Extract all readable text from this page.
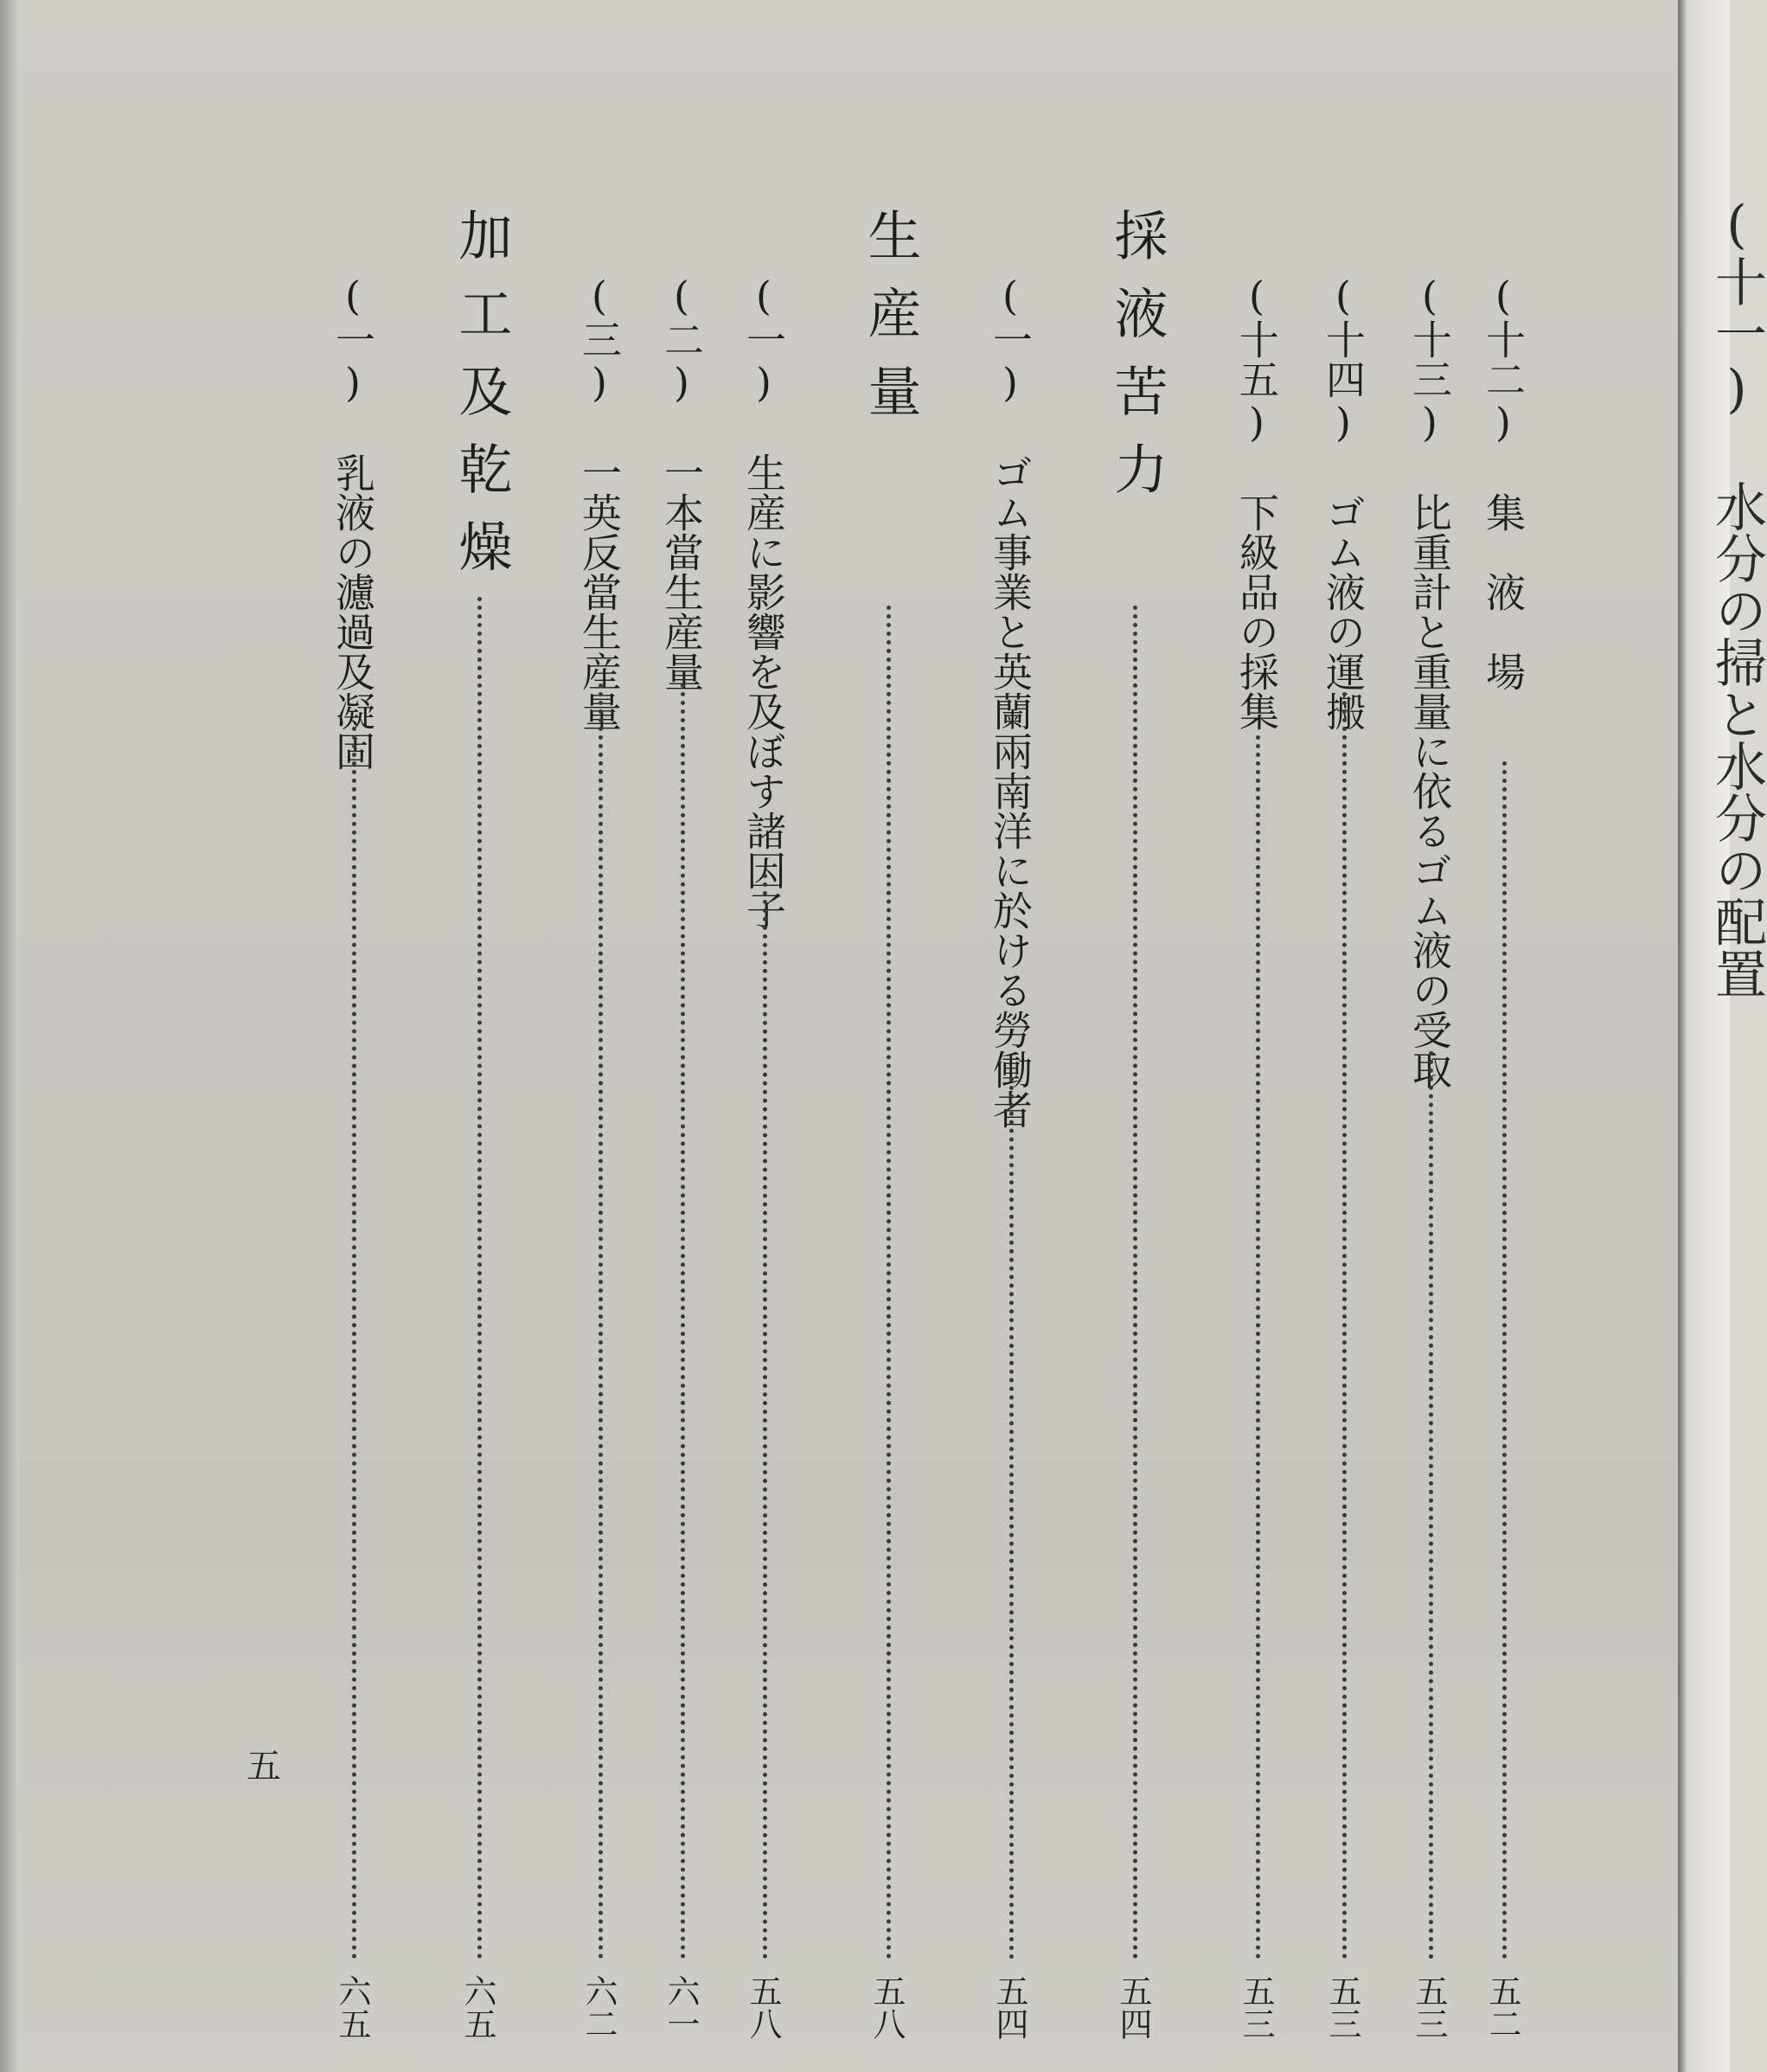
(十二) 集　液　場
五二
(十三) 比重計と重量に依るゴム液の受取
五三
(十四) ゴム液の運搬
五三
(十五) 下級品の採集
五三
採液苦力
五四
(一) ゴム事業と英蘭兩南洋に於ける勞働者
五四
生産量
五八
(一) 生産に影響を及ぼす諸因子
五八
(二) 一本當生産量
六一
(三) 一英反當生産量
六二
加工及乾燥
六五
(一) 乳液の濾過及凝固
六五
五
(十一) 水分の掃と水分の配置
